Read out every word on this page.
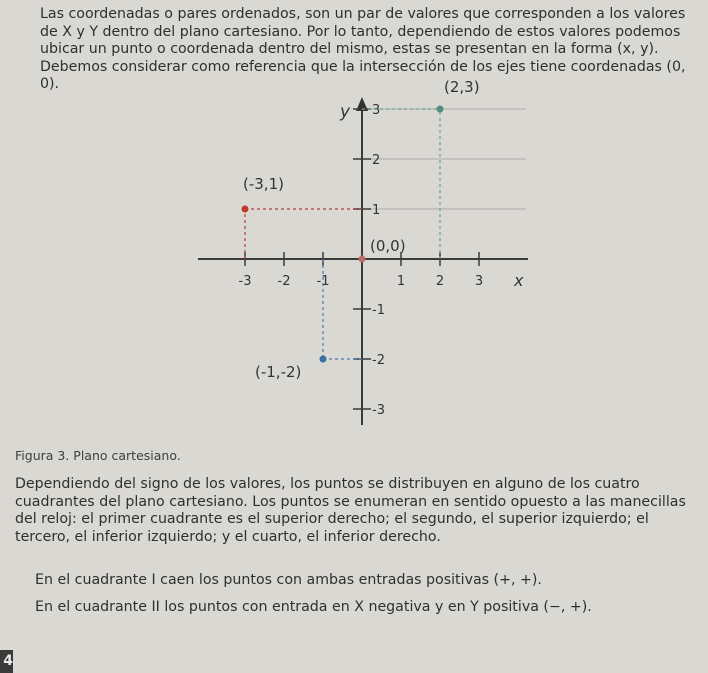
Las coordenadas o pares ordenados, son un par de valores que corresponden a los valores de X y Y dentro del plano cartesiano. Por lo tanto, dependiendo de estos valores podemos ubicar un punto o coordenada dentro del mismo, estas se presentan en la forma (x, y). Debemos considerar como referencia que la intersección de los ejes tiene coordenadas (0, 0).

y
x
-3 -2 -1	1 2 3
3
2
1
-1
-2
-3
(2,3)
(-3,1)
(0,0)
(-1,-2)
Figura 3. Plano cartesiano.

Dependiendo del signo de los valores, los puntos se distribuyen en alguno de los cuatro cuadrantes del plano cartesiano. Los puntos se enumeran en sentido opuesto a las manecillas del reloj: el primer cuadrante es el superior derecho; el segundo, el superior izquierdo; el tercero, el inferior izquierdo; y el cuarto, el inferior derecho.

En el cuadrante I caen los puntos con ambas entradas positivas (+, +).

En el cuadrante II los puntos con entrada en X negativa y en Y positiva (−, +).

4
